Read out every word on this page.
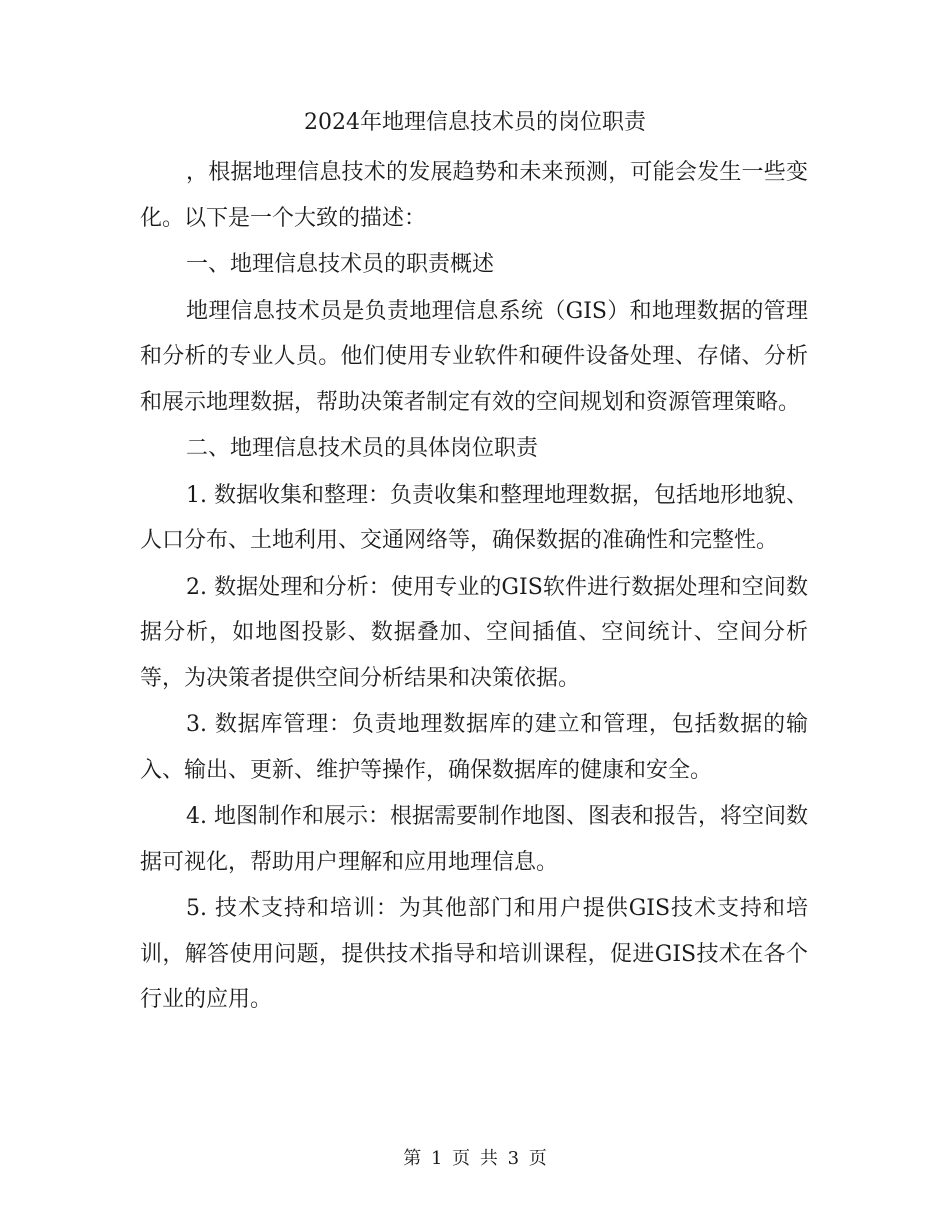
2024年地理信息技术员的岗位职责

，根据地理信息技术的发展趋势和未来预测，可能会发生一些变化。以下是一个大致的描述：

一、地理信息技术员的职责概述

地理信息技术员是负责地理信息系统（GIS）和地理数据的管理和分析的专业人员。他们使用专业软件和硬件设备处理、存储、分析和展示地理数据，帮助决策者制定有效的空间规划和资源管理策略。

二、地理信息技术员的具体岗位职责

1. 数据收集和整理：负责收集和整理地理数据，包括地形地貌、人口分布、土地利用、交通网络等，确保数据的准确性和完整性。

2. 数据处理和分析：使用专业的GIS软件进行数据处理和空间数据分析，如地图投影、数据叠加、空间插值、空间统计、空间分析等，为决策者提供空间分析结果和决策依据。

3. 数据库管理：负责地理数据库的建立和管理，包括数据的输入、输出、更新、维护等操作，确保数据库的健康和安全。

4. 地图制作和展示：根据需要制作地图、图表和报告，将空间数据可视化，帮助用户理解和应用地理信息。

5. 技术支持和培训：为其他部门和用户提供GIS技术支持和培训，解答使用问题，提供技术指导和培训课程，促进GIS技术在各个行业的应用。

第 1 页 共 3 页
